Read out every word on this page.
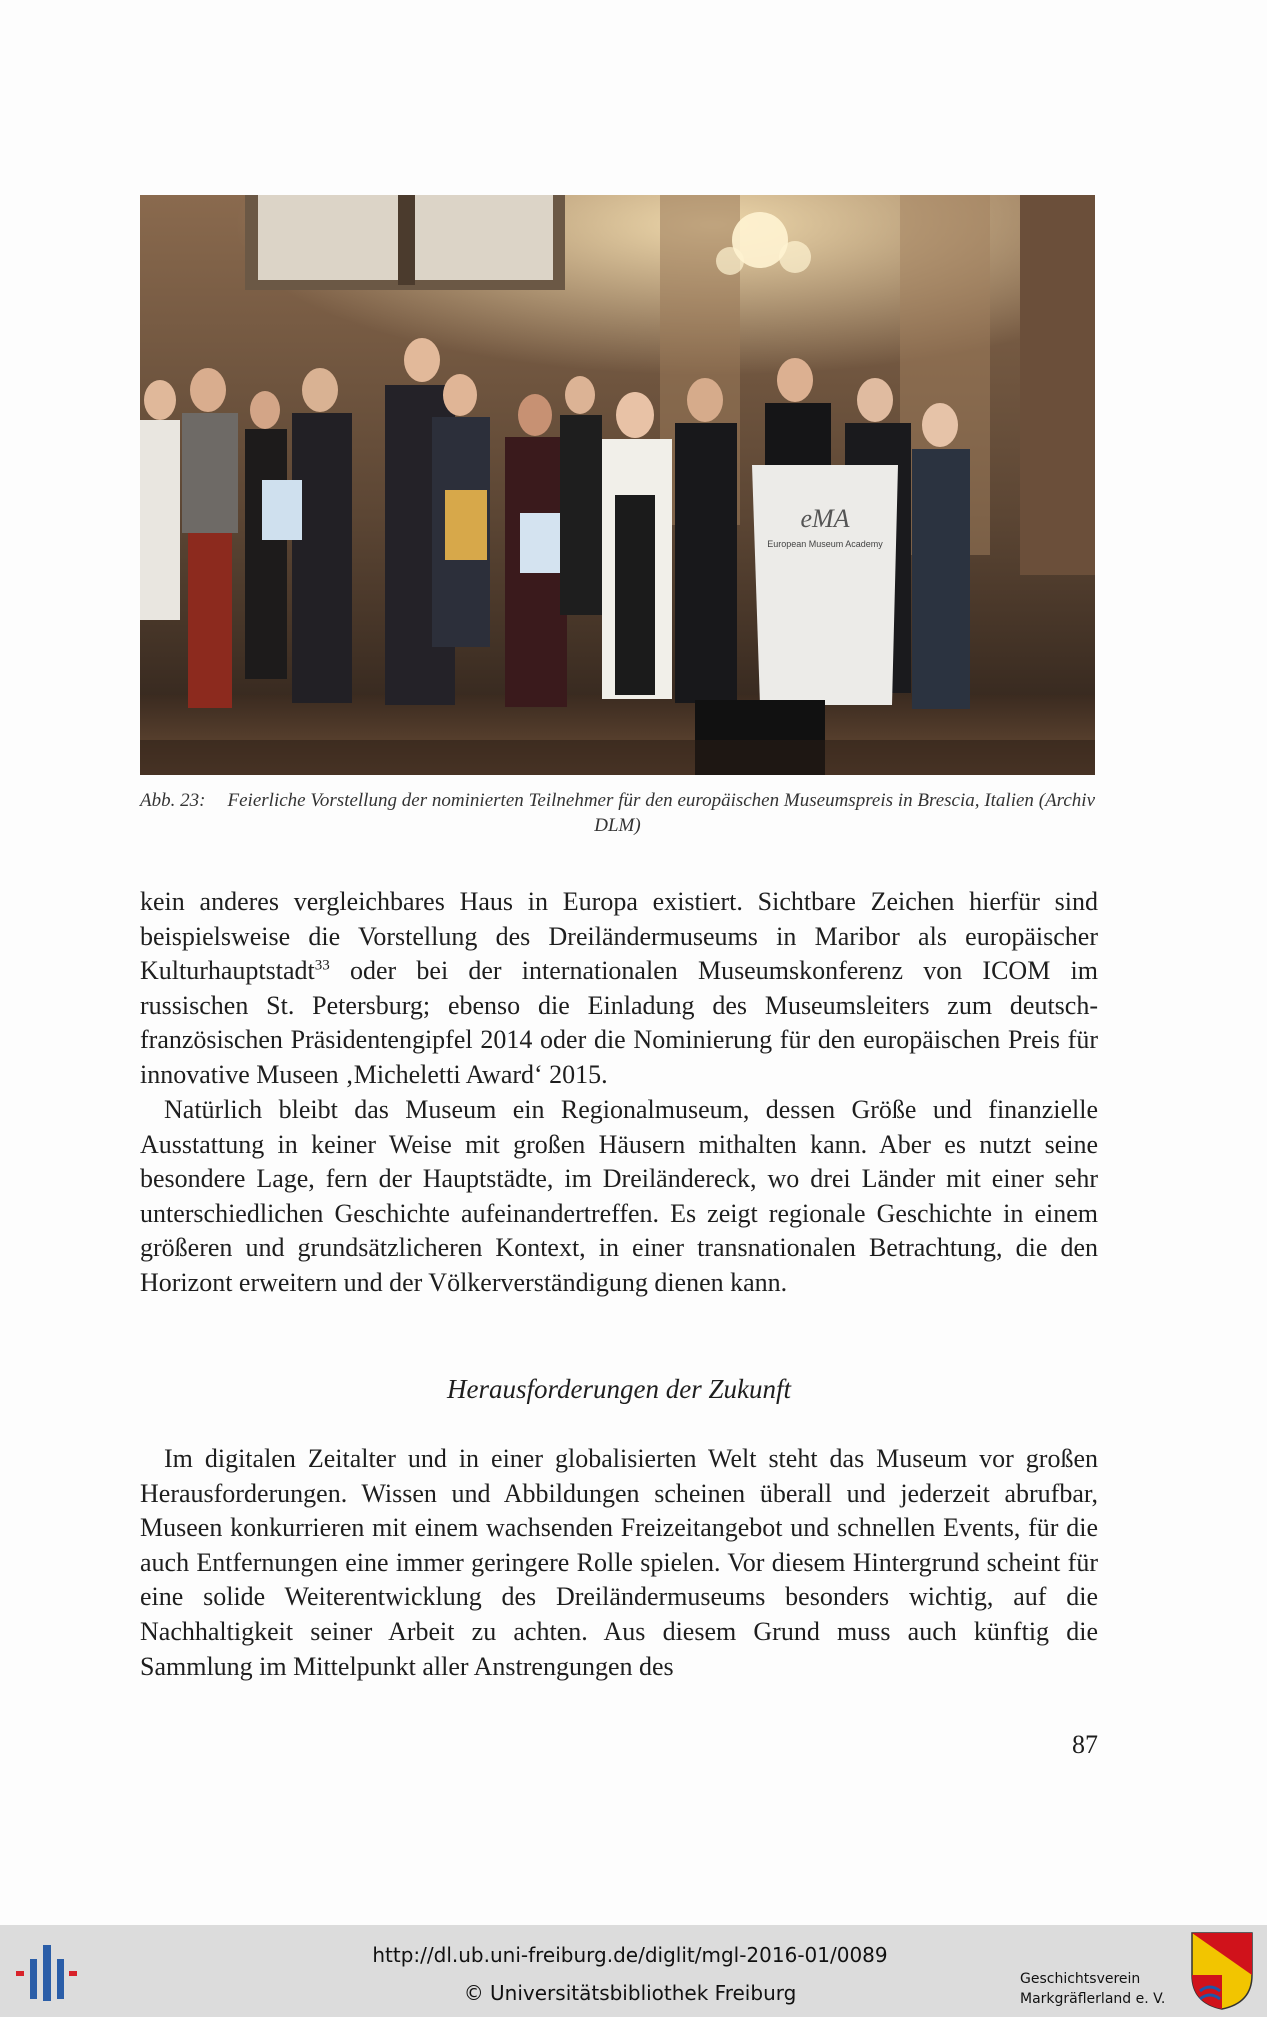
eMA
European Museum Academy
Abb. 23: Feierliche Vorstellung der nominierten Teilnehmer für den europäischen Museumspreis in Brescia, Italien (Archiv DLM)

kein anderes vergleichbares Haus in Europa existiert. Sichtbare Zeichen hierfür sind beispielsweise die Vorstellung des Dreiländermuseums in Maribor als europäischer Kulturhauptstadt$^{33}$ oder bei der internationalen Museumskonferenz von ICOM im russischen St. Petersburg; ebenso die Einladung des Museumsleiters zum deutsch-französischen Präsidentengipfel 2014 oder die Nominierung für den europäischen Preis für innovative Museen ‚Micheletti Award‘ 2015.

Natürlich bleibt das Museum ein Regionalmuseum, dessen Größe und finanzielle Ausstattung in keiner Weise mit großen Häusern mithalten kann. Aber es nutzt seine besondere Lage, fern der Hauptstädte, im Dreiländereck, wo drei Länder mit einer sehr unterschiedlichen Geschichte aufeinandertreffen. Es zeigt regionale Geschichte in einem größeren und grundsätzlicheren Kontext, in einer transnationalen Betrachtung, die den Horizont erweitern und der Völkerverständigung dienen kann.

Herausforderungen der Zukunft

Im digitalen Zeitalter und in einer globalisierten Welt steht das Museum vor großen Herausforderungen. Wissen und Abbildungen scheinen überall und jederzeit abrufbar, Museen konkurrieren mit einem wachsenden Freizeitangebot und schnellen Events, für die auch Entfernungen eine immer geringere Rolle spielen. Vor diesem Hintergrund scheint für eine solide Weiterentwicklung des Dreiländermuseums besonders wichtig, auf die Nachhaltigkeit seiner Arbeit zu achten. Aus diesem Grund muss auch künftig die Sammlung im Mittelpunkt aller Anstrengungen des

87
http://dl.ub.uni-freiburg.de/diglit/mgl-2016-01/0089
© Universitätsbibliothek Freiburg
Geschichtsverein
Markgräflerland e. V.
